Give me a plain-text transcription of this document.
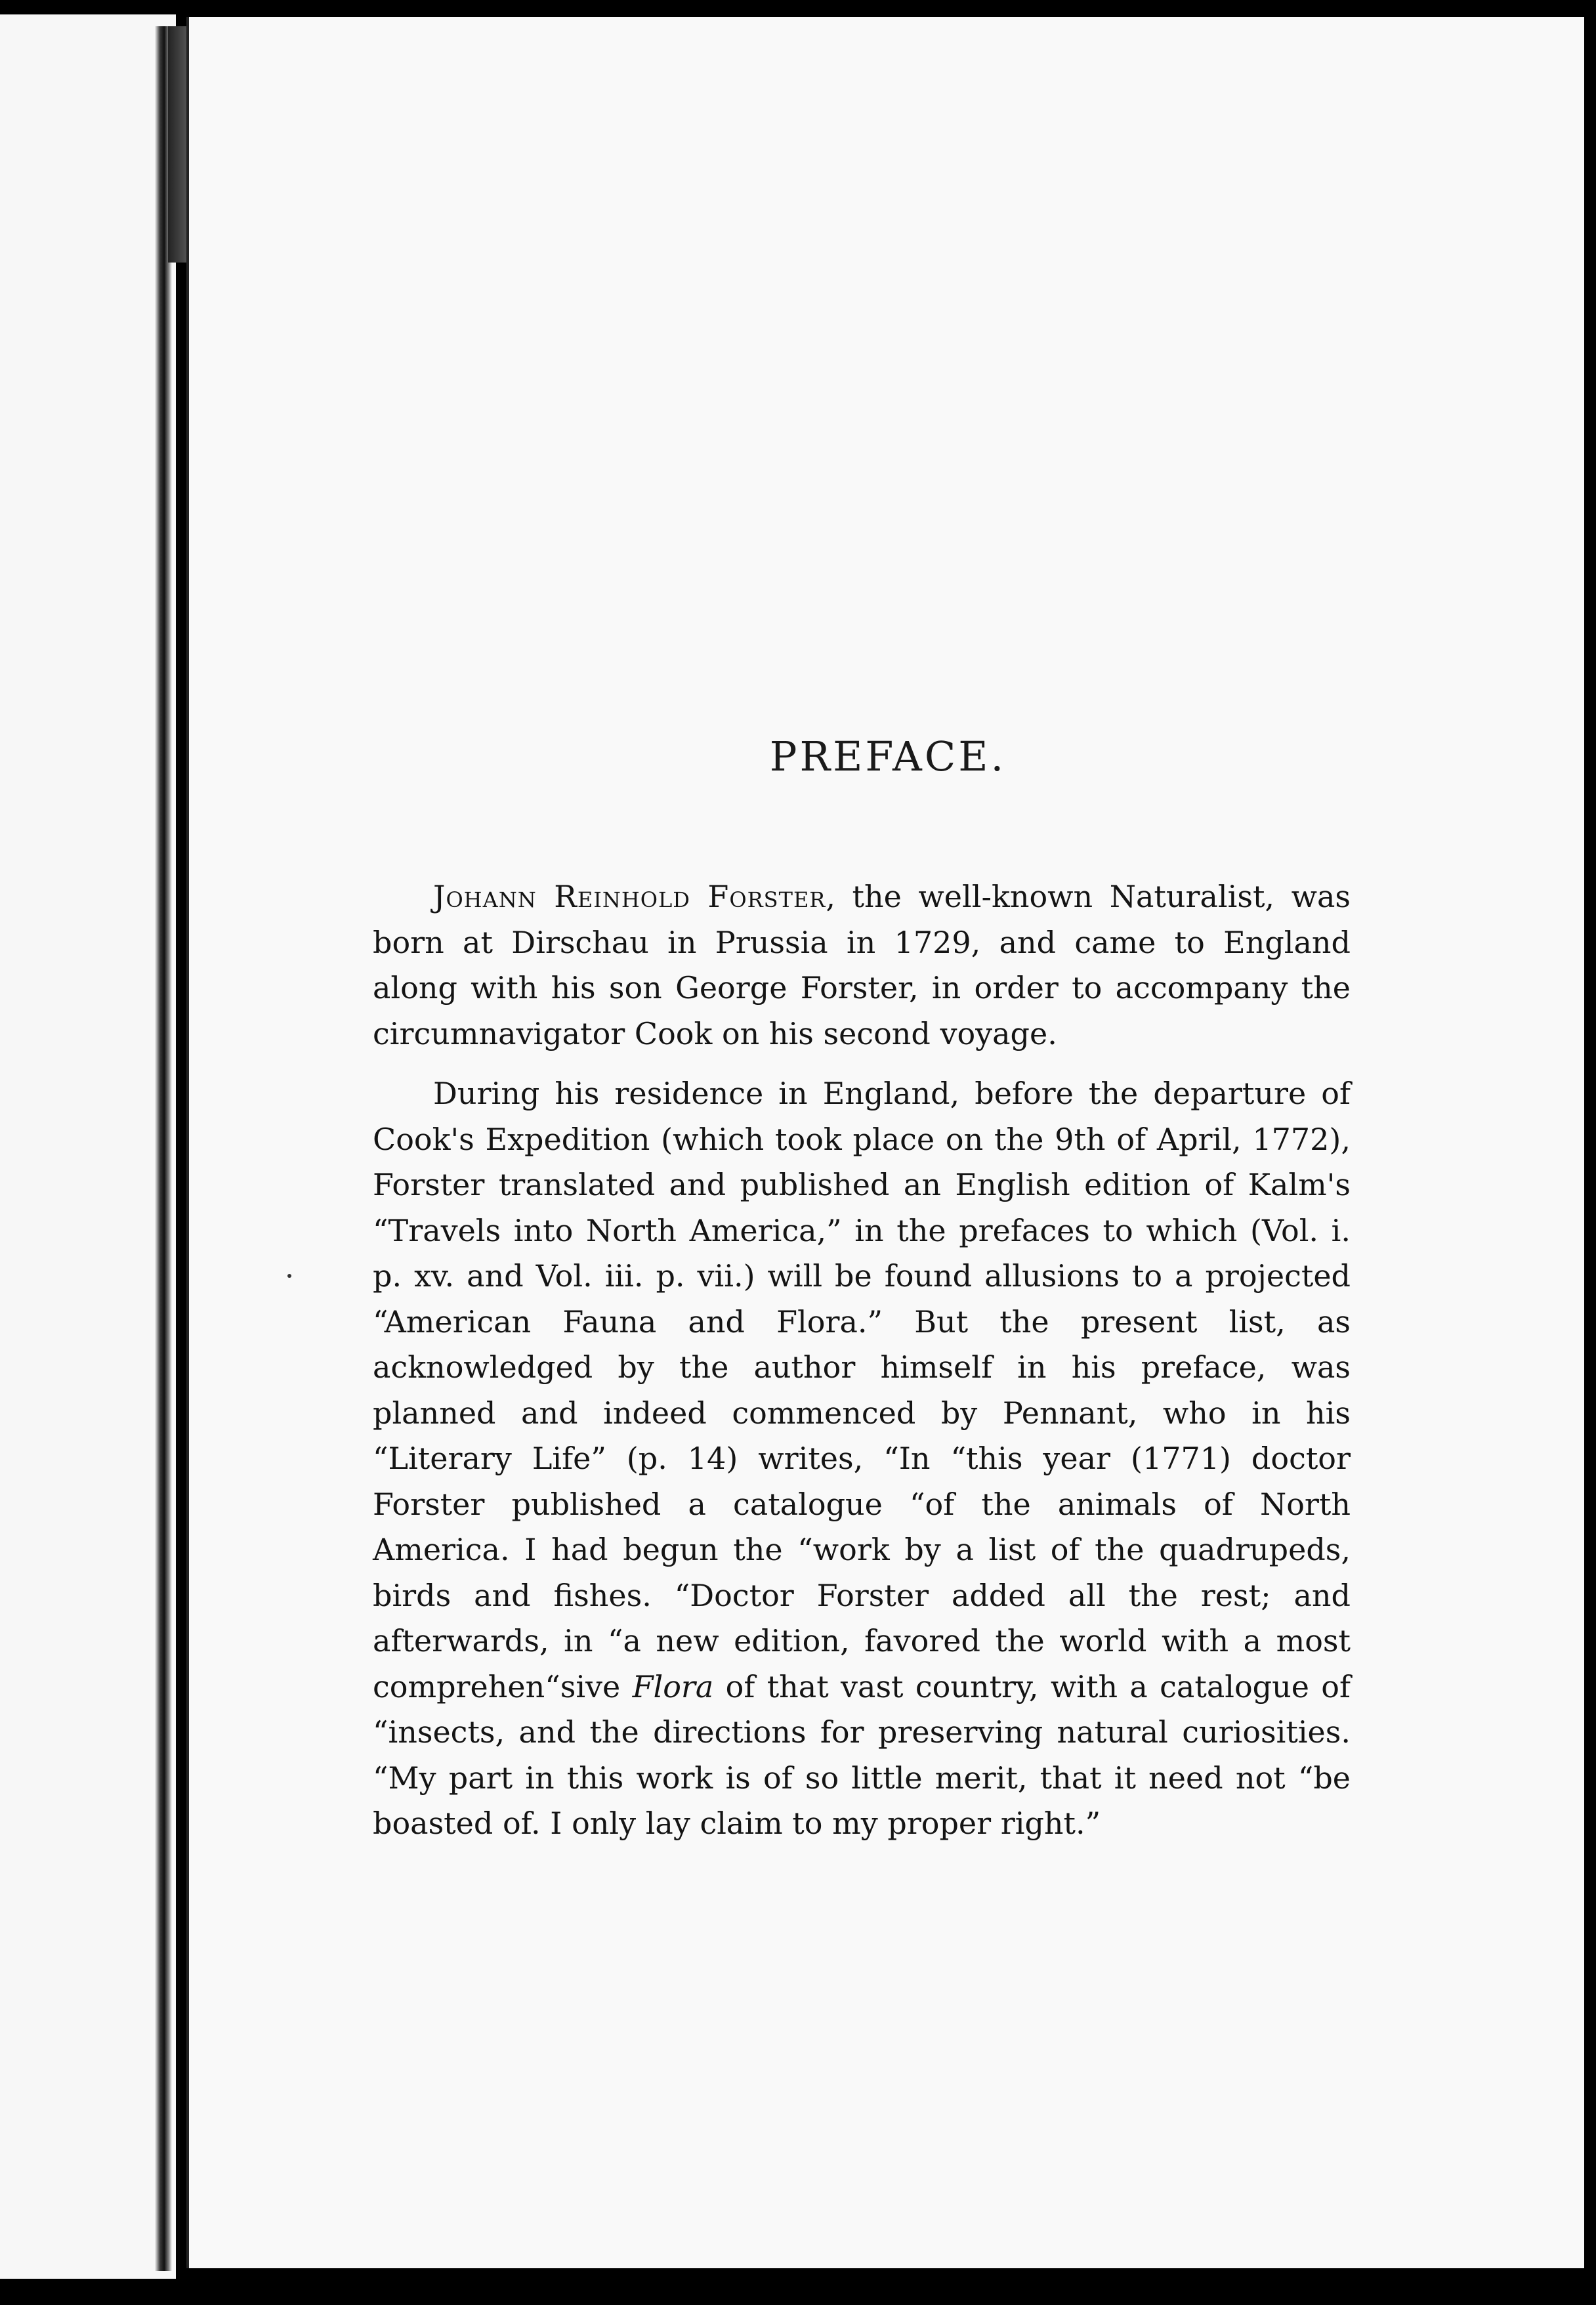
PREFACE.

Johann Reinhold Forster, the well-known Naturalist, was born at Dirschau in Prussia in 1729, and came to England along with his son George Forster, in order to accompany the circumnavigator Cook on his second voyage.

During his residence in England, before the departure of Cook's Expedition (which took place on the 9th of April, 1772), Forster translated and published an English edition of Kalm's “Travels into North America,” in the prefaces to which (Vol. i. p. xv. and Vol. iii. p. vii.) will be found allusions to a projected “American Fauna and Flora.” But the present list, as acknowledged by the author himself in his preface, was planned and indeed commenced by Pennant, who in his “Literary Life” (p. 14) writes, “In “this year (1771) doctor Forster published a catalogue “of the animals of North America. I had begun the “work by a list of the quadrupeds, birds and fishes. “Doctor Forster added all the rest; and afterwards, in “a new edition, favored the world with a most comprehen“sive Flora of that vast country, with a catalogue of “insects, and the directions for preserving natural curiosities. “My part in this work is of so little merit, that it need not “be boasted of. I only lay claim to my proper right.”
